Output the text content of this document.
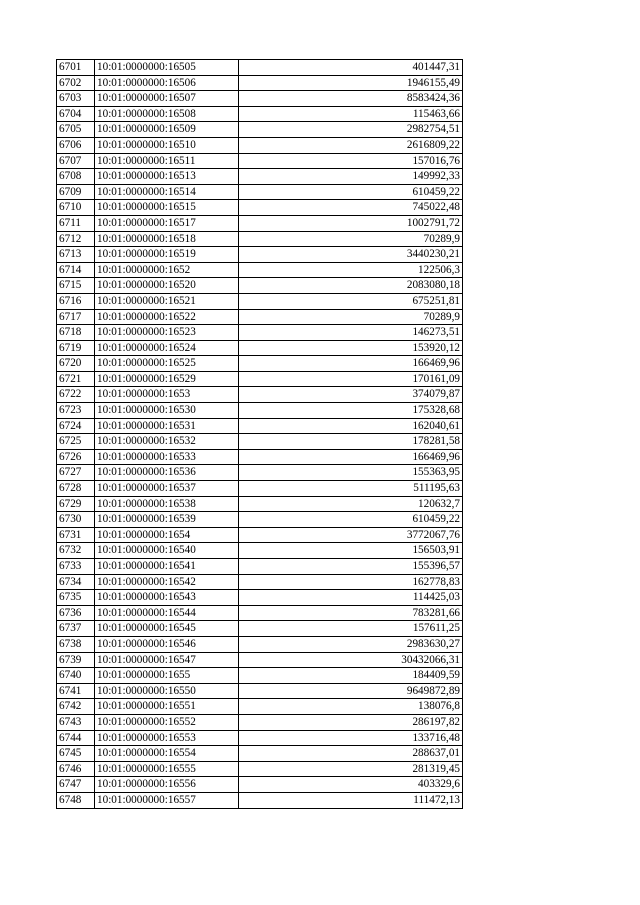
6701	10:01:0000000:16505	401447,31
6702	10:01:0000000:16506	1946155,49
6703	10:01:0000000:16507	8583424,36
6704	10:01:0000000:16508	115463,66
6705	10:01:0000000:16509	2982754,51
6706	10:01:0000000:16510	2616809,22
6707	10:01:0000000:16511	157016,76
6708	10:01:0000000:16513	149992,33
6709	10:01:0000000:16514	610459,22
6710	10:01:0000000:16515	745022,48
6711	10:01:0000000:16517	1002791,72
6712	10:01:0000000:16518	70289,9
6713	10:01:0000000:16519	3440230,21
6714	10:01:0000000:1652	122506,3
6715	10:01:0000000:16520	2083080,18
6716	10:01:0000000:16521	675251,81
6717	10:01:0000000:16522	70289,9
6718	10:01:0000000:16523	146273,51
6719	10:01:0000000:16524	153920,12
6720	10:01:0000000:16525	166469,96
6721	10:01:0000000:16529	170161,09
6722	10:01:0000000:1653	374079,87
6723	10:01:0000000:16530	175328,68
6724	10:01:0000000:16531	162040,61
6725	10:01:0000000:16532	178281,58
6726	10:01:0000000:16533	166469,96
6727	10:01:0000000:16536	155363,95
6728	10:01:0000000:16537	511195,63
6729	10:01:0000000:16538	120632,7
6730	10:01:0000000:16539	610459,22
6731	10:01:0000000:1654	3772067,76
6732	10:01:0000000:16540	156503,91
6733	10:01:0000000:16541	155396,57
6734	10:01:0000000:16542	162778,83
6735	10:01:0000000:16543	114425,03
6736	10:01:0000000:16544	783281,66
6737	10:01:0000000:16545	157611,25
6738	10:01:0000000:16546	2983630,27
6739	10:01:0000000:16547	30432066,31
6740	10:01:0000000:1655	184409,59
6741	10:01:0000000:16550	9649872,89
6742	10:01:0000000:16551	138076,8
6743	10:01:0000000:16552	286197,82
6744	10:01:0000000:16553	133716,48
6745	10:01:0000000:16554	288637,01
6746	10:01:0000000:16555	281319,45
6747	10:01:0000000:16556	403329,6
6748	10:01:0000000:16557	111472,13
